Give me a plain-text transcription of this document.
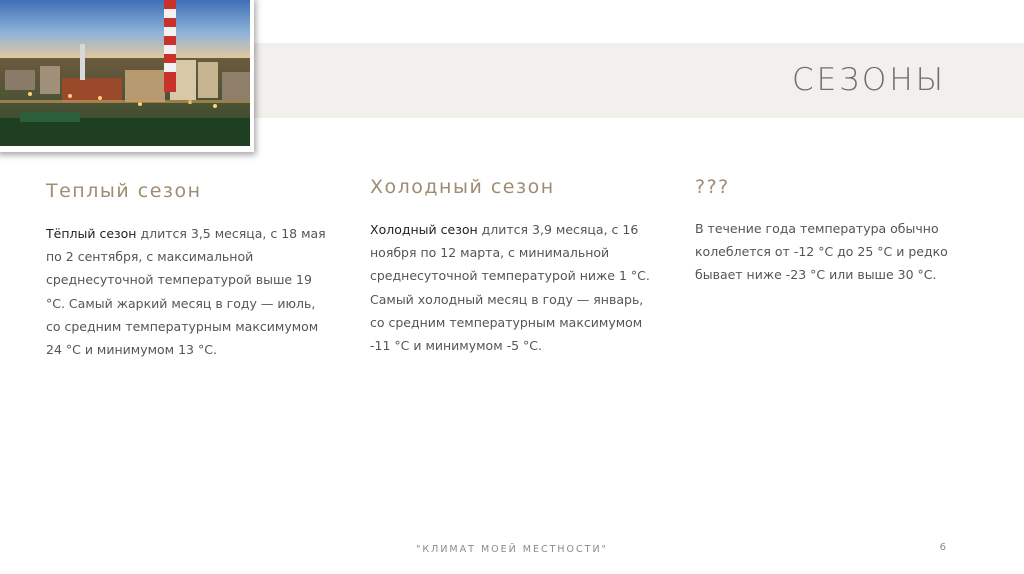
СЕЗОНЫ
Теплый сезон

Тёплый сезон длится 3,5 месяца, с 18 мая по 2 сентября, с максимальной среднесуточной температурой выше 19 °C. Самый жаркий месяц в году — июль, со средним температурным максимумом 24 °C и минимумом 13 °C.

Холодный сезон

Холодный сезон длится 3,9 месяца, с 16 ноября по 12 марта, с минимальной среднесуточной температурой ниже 1 °C. Самый холодный месяц в году — январь, со средним температурным максимумом -11 °C и минимумом -5 °C.

???

В течение года температура обычно колеблется от -12 °C до 25 °C и редко бывает ниже -23 °C или выше 30 °C.

"КЛИМАТ МОЕЙ МЕСТНОСТИ"	6
